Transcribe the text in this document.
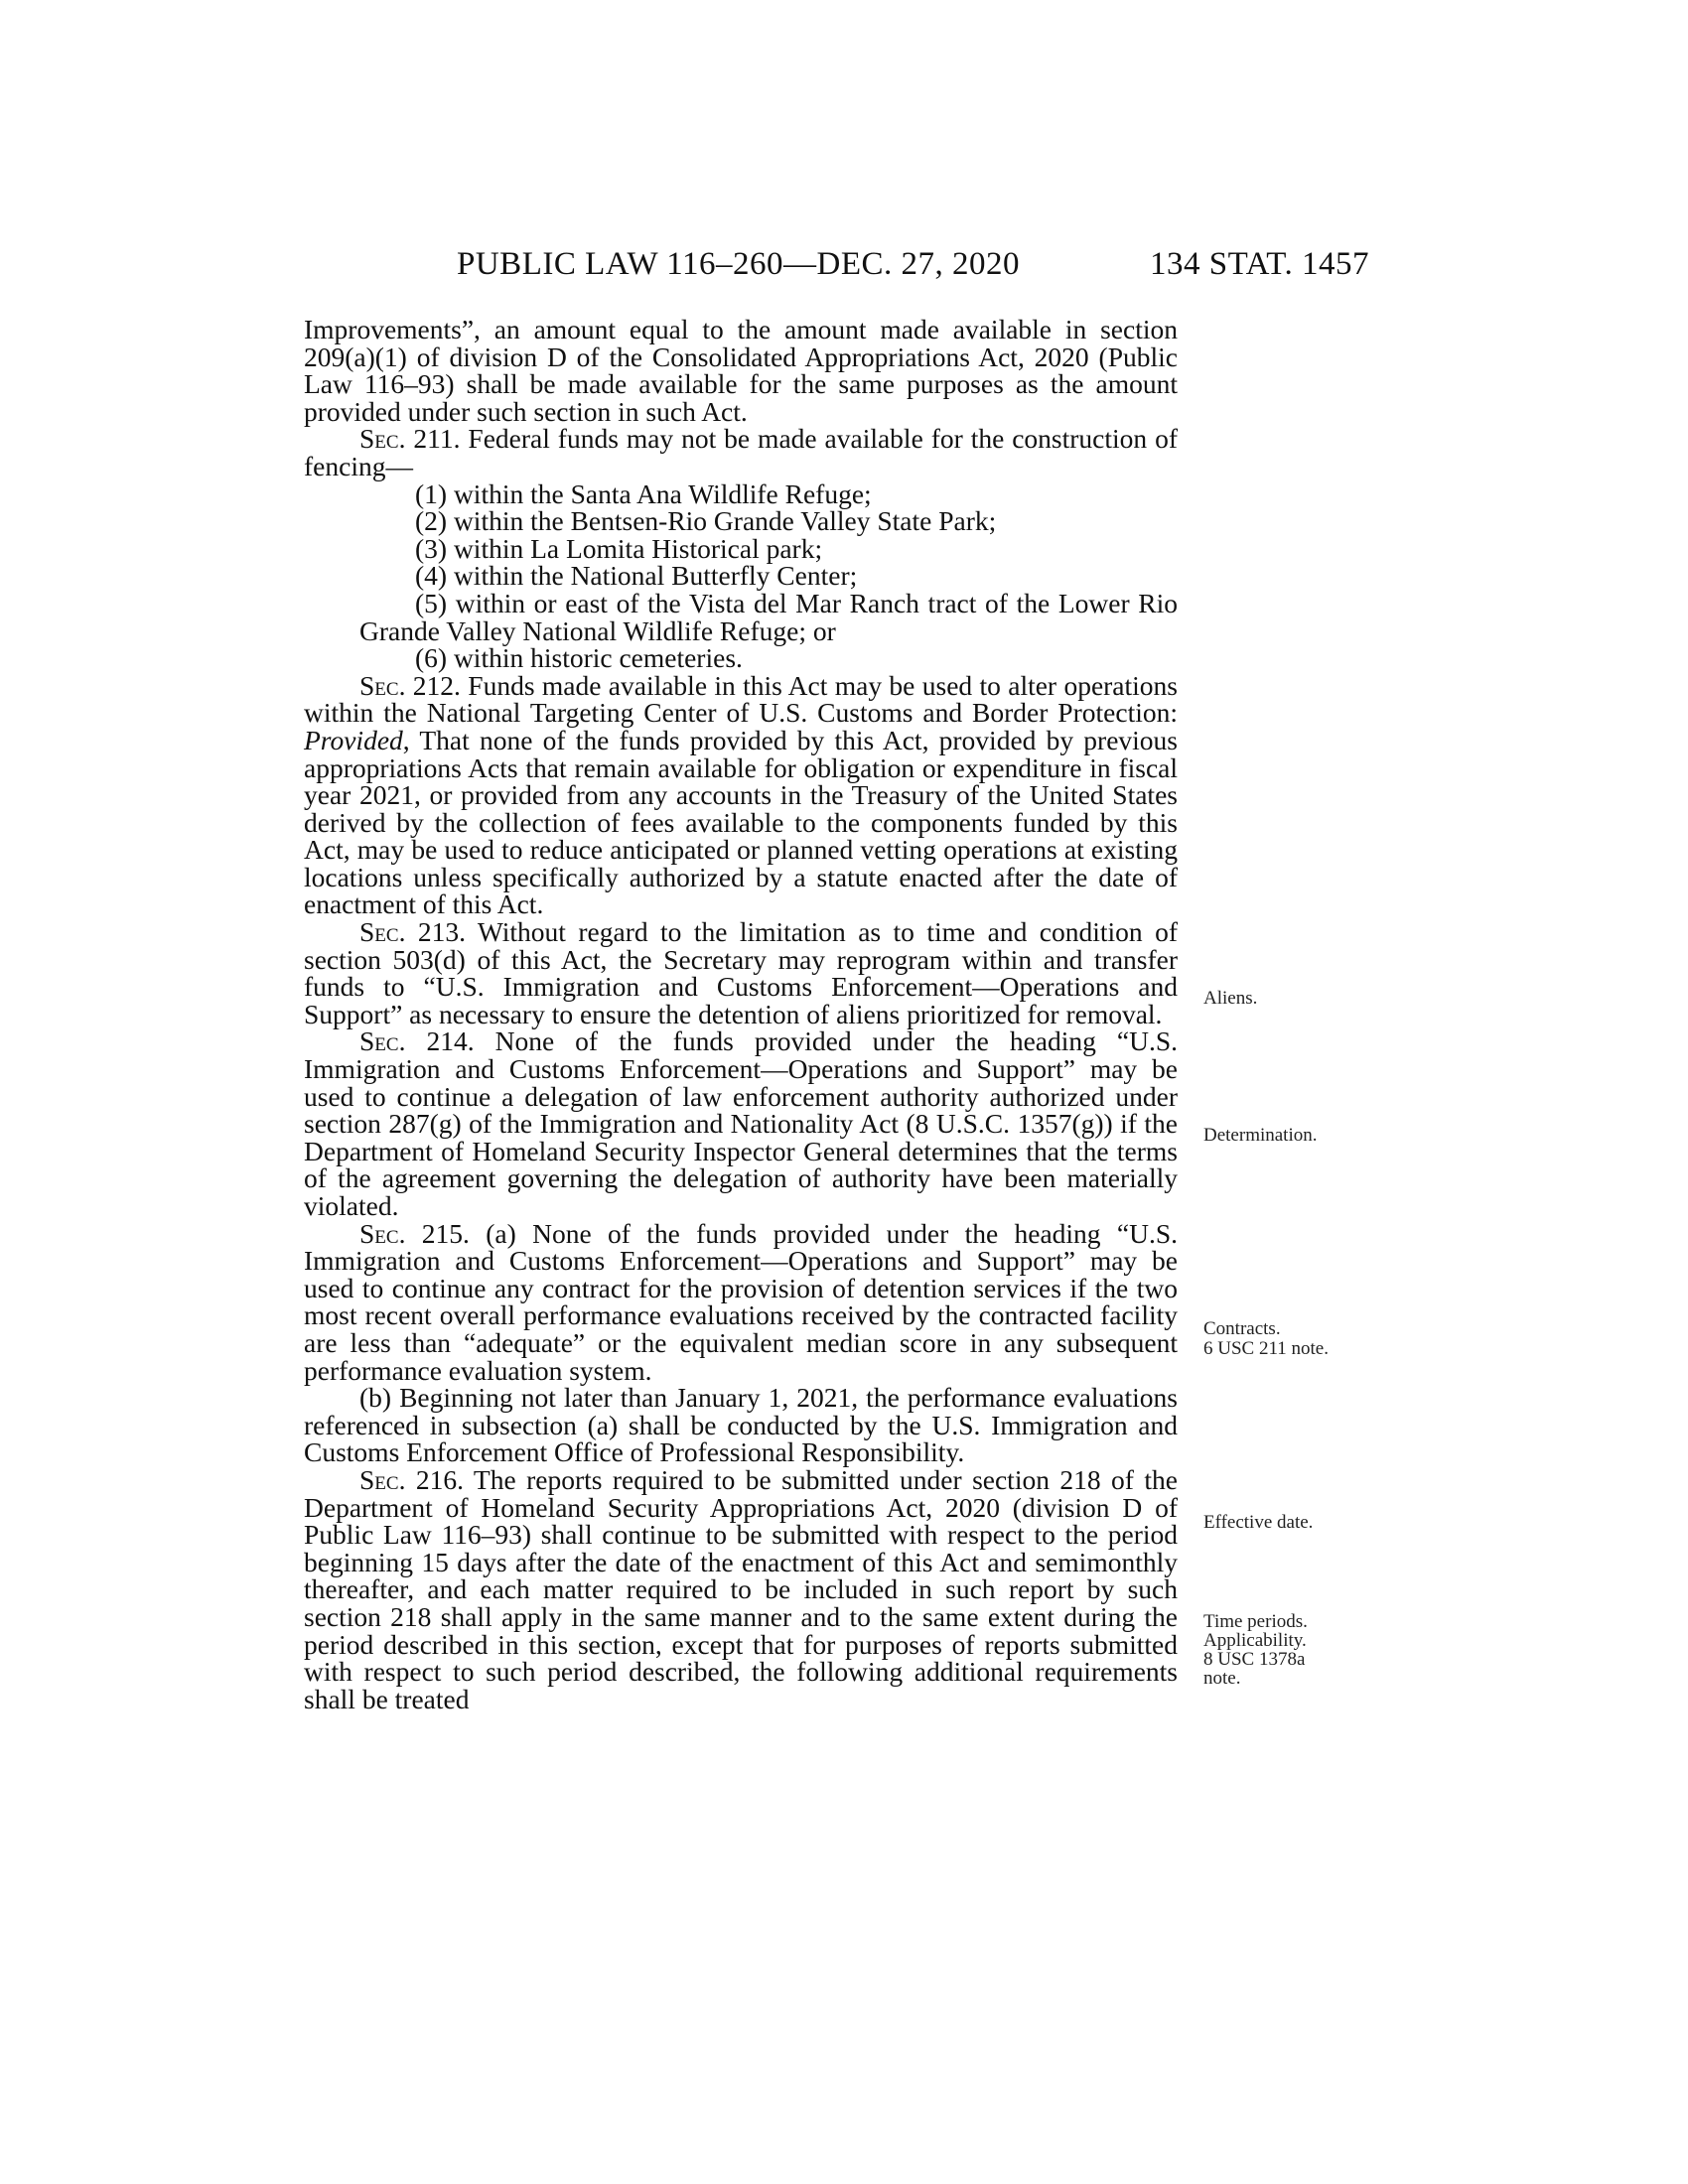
PUBLIC LAW 116–260—DEC. 27, 2020	134 STAT. 1457

Improvements”, an amount equal to the amount made available in section 209(a)(1) of division D of the Consolidated Appropriations Act, 2020 (Public Law 116–93) shall be made available for the same purposes as the amount provided under such section in such Act.

Sec. 211. Federal funds may not be made available for the construction of fencing—

(1) within the Santa Ana Wildlife Refuge;

(2) within the Bentsen-Rio Grande Valley State Park;

(3) within La Lomita Historical park;

(4) within the National Butterfly Center;

(5) within or east of the Vista del Mar Ranch tract of the Lower Rio Grande Valley National Wildlife Refuge; or

(6) within historic cemeteries.

Sec. 212. Funds made available in this Act may be used to alter operations within the National Targeting Center of U.S. Customs and Border Protection: Provided, That none of the funds provided by this Act, provided by previous appropriations Acts that remain available for obligation or expenditure in fiscal year 2021, or provided from any accounts in the Treasury of the United States derived by the collection of fees available to the components funded by this Act, may be used to reduce anticipated or planned vetting operations at existing locations unless specifically authorized by a statute enacted after the date of enactment of this Act.

Sec. 213. Without regard to the limitation as to time and condition of section 503(d) of this Act, the Secretary may reprogram within and transfer funds to “U.S. Immigration and Customs Enforcement—Operations and Support” as necessary to ensure the detention of aliens prioritized for removal.

Sec. 214. None of the funds provided under the heading “U.S. Immigration and Customs Enforcement—Operations and Support” may be used to continue a delegation of law enforcement authority authorized under section 287(g) of the Immigration and Nationality Act (8 U.S.C. 1357(g)) if the Department of Homeland Security Inspector General determines that the terms of the agreement governing the delegation of authority have been materially violated.

Sec. 215. (a) None of the funds provided under the heading “U.S. Immigration and Customs Enforcement—Operations and Support” may be used to continue any contract for the provision of detention services if the two most recent overall performance evaluations received by the contracted facility are less than “adequate” or the equivalent median score in any subsequent performance evaluation system.

(b) Beginning not later than January 1, 2021, the performance evaluations referenced in subsection (a) shall be conducted by the U.S. Immigration and Customs Enforcement Office of Professional Responsibility.

Sec. 216. The reports required to be submitted under section 218 of the Department of Homeland Security Appropriations Act, 2020 (division D of Public Law 116–93) shall continue to be submitted with respect to the period beginning 15 days after the date of the enactment of this Act and semimonthly thereafter, and each matter required to be included in such report by such section 218 shall apply in the same manner and to the same extent during the period described in this section, except that for purposes of reports submitted with respect to such period described, the following additional requirements shall be treated

Aliens.
Determination.
Contracts.
6 USC 211 note.
Effective date.
Time periods.
Applicability.
8 USC 1378a
note.
